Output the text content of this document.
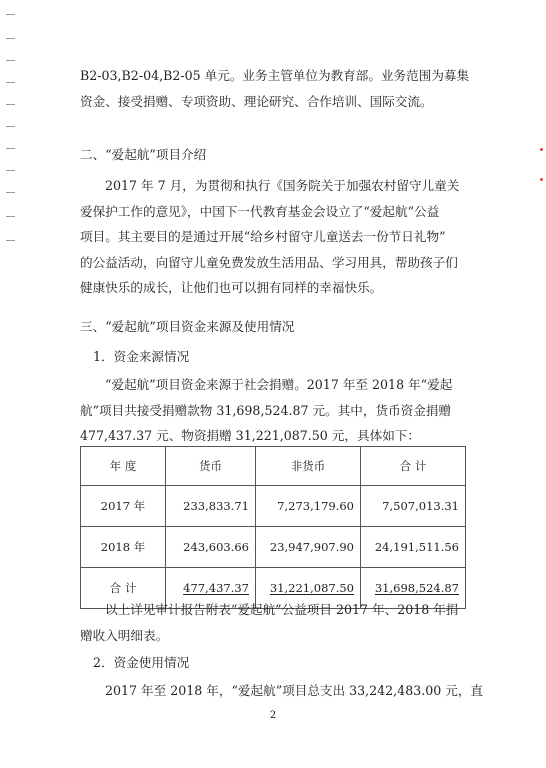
B2-03,B2-04,B2-05 单元。业务主管单位为教育部。业务范围为募集

资金、接受捐赠、专项资助、理论研究、合作培训、国际交流。

二、“爱起航”项目介绍

2017 年 7 月，为贯彻和执行《国务院关于加强农村留守儿童关

爱保护工作的意见》，中国下一代教育基金会设立了“爱起航”公益

项目。其主要目的是通过开展“给乡村留守儿童送去一份节日礼物”

的公益活动，向留守儿童免费发放生活用品、学习用具，帮助孩子们

健康快乐的成长，让他们也可以拥有同样的幸福快乐。

三、“爱起航”项目资金来源及使用情况
1．资金来源情况

“爱起航”项目资金来源于社会捐赠。2017 年至 2018 年“爱起

航”项目共接受捐赠款物 31,698,524.87 元。其中，货币资金捐赠

477,437.37 元、物资捐赠 31,221,087.50 元，具体如下：

年 度	货币	非货币	合 计
2017 年	233,833.71	7,273,179.60	7,507,013.31
2018 年	243,603.66	23,947,907.90	24,191,511.56
合 计	477,437.37	31,221,087.50	31,698,524.87

以上详见审计报告附表“爱起航”公益项目 2017 年、2018 年捐

赠收入明细表。

2．资金使用情况

2017 年至 2018 年，“爱起航”项目总支出 33,242,483.00 元，直

2
